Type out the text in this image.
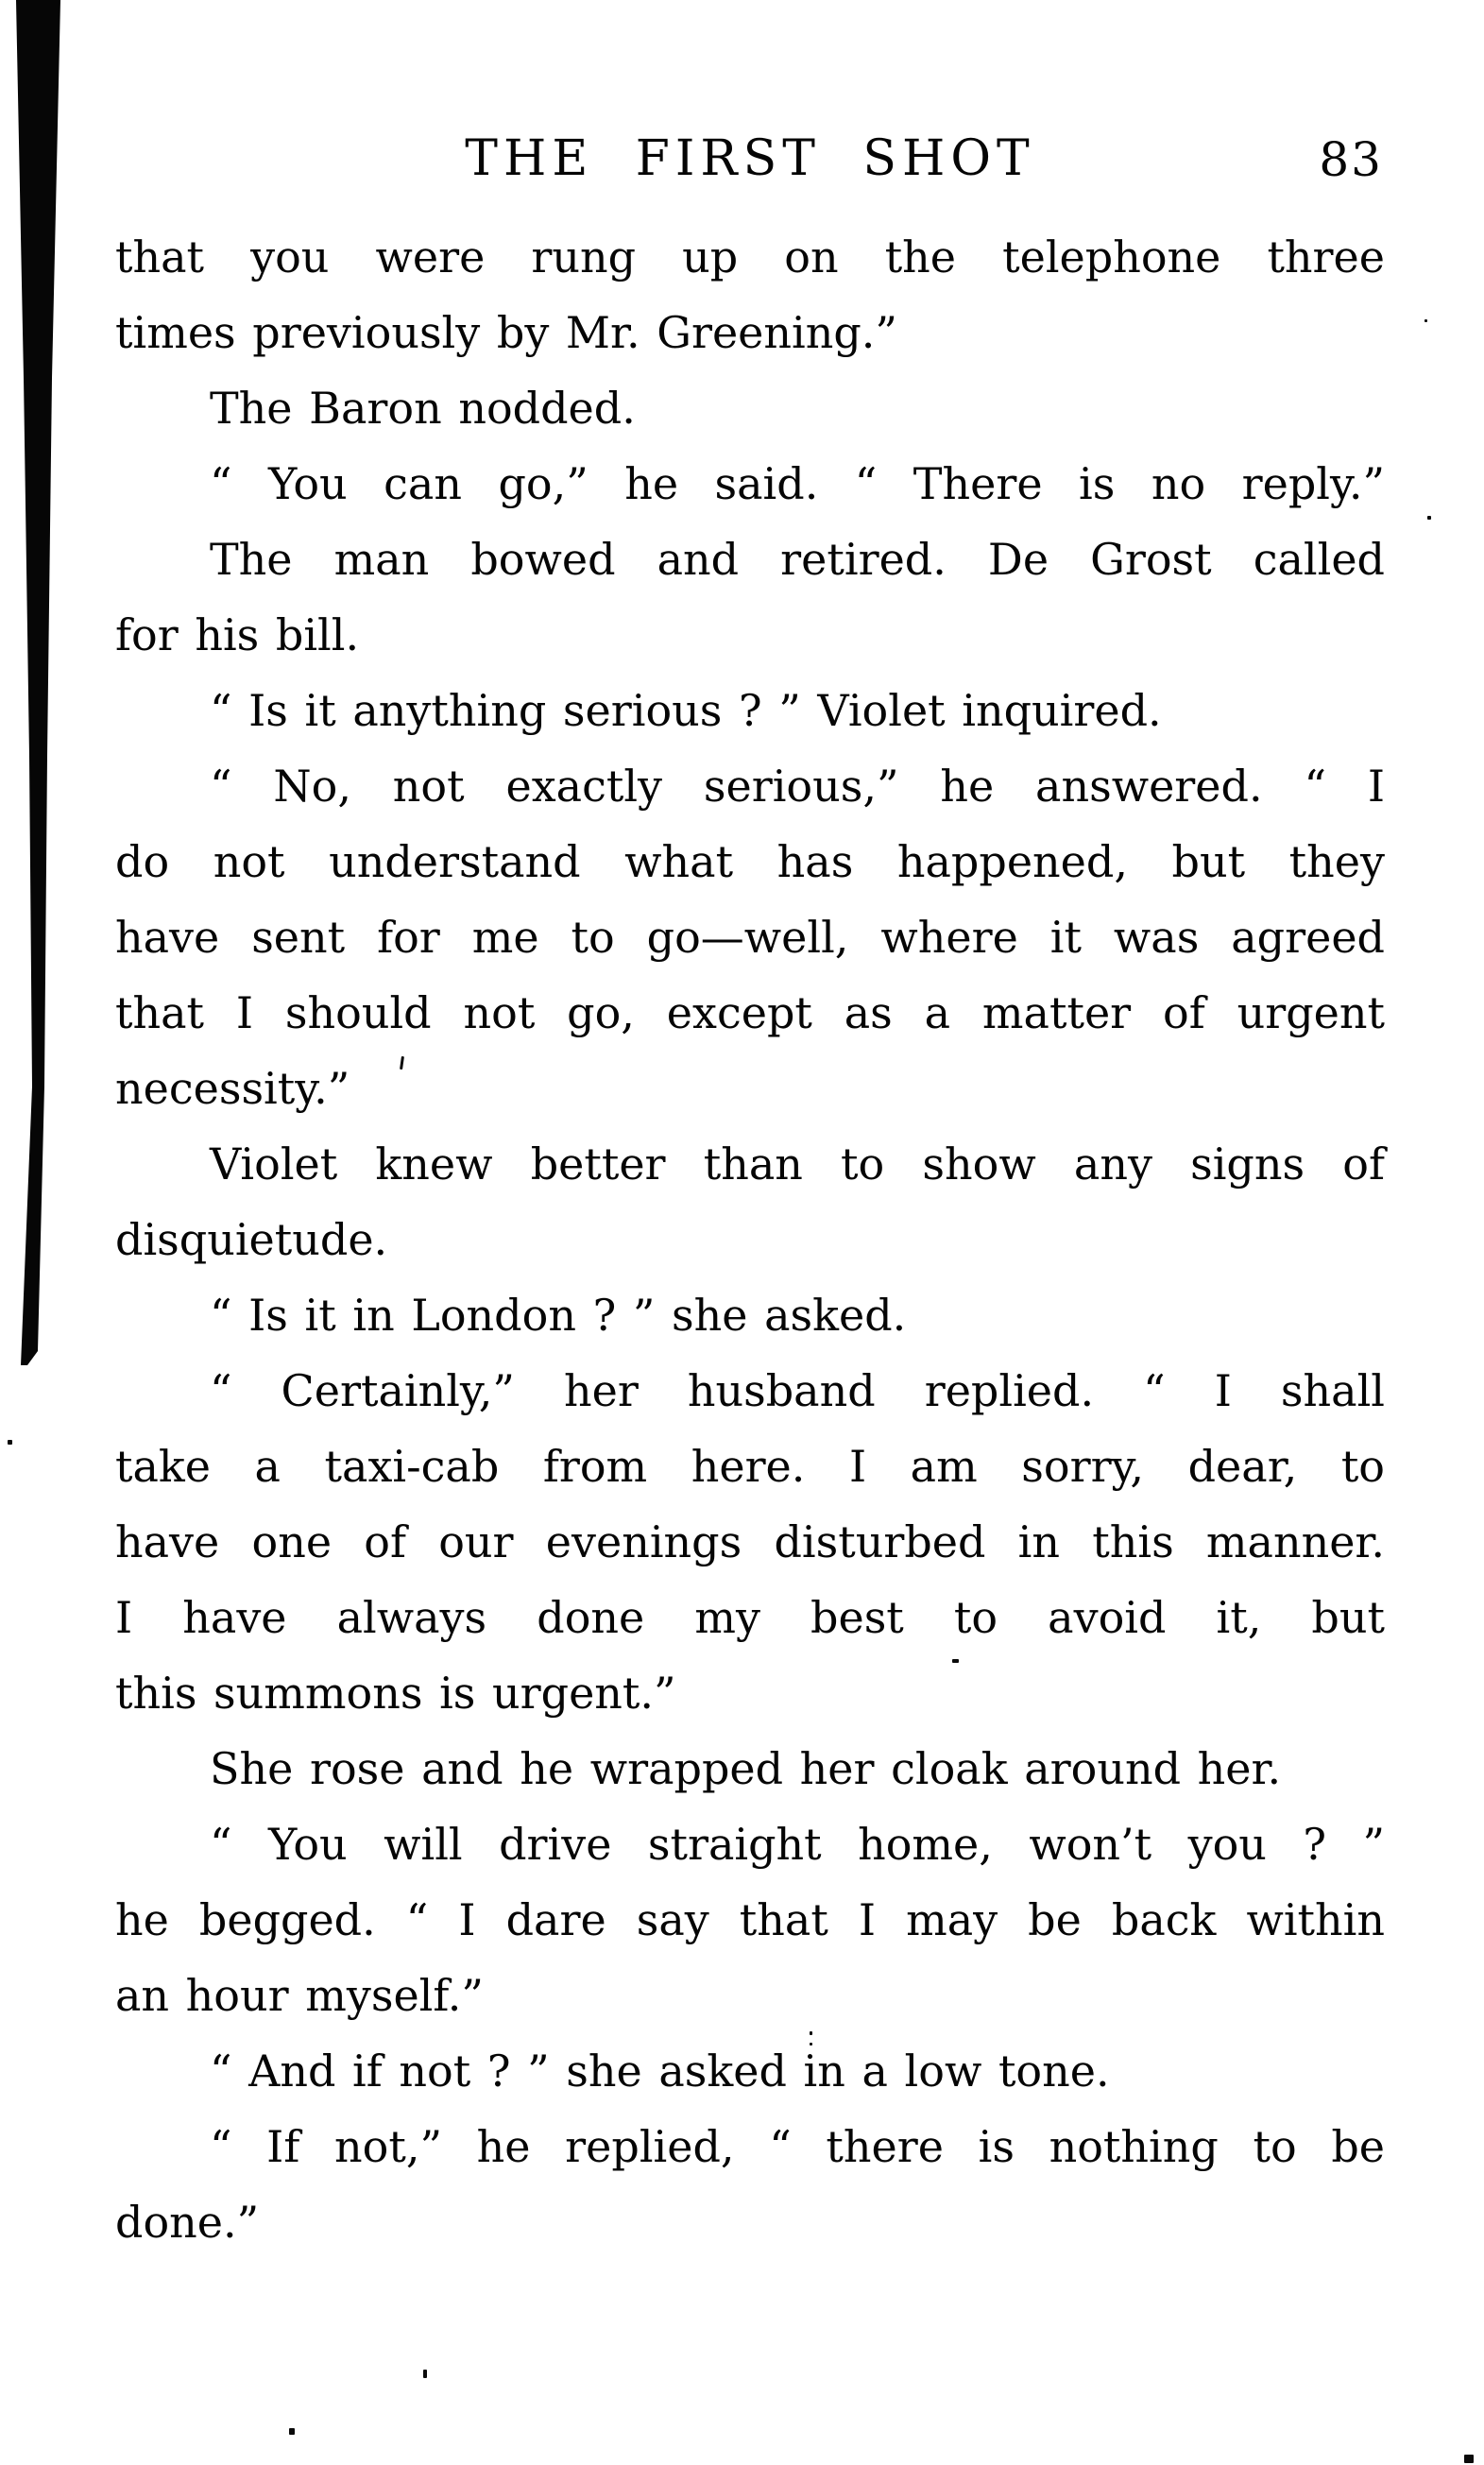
THE FIRST SHOT	83
that you were rung up on the telephone three
times previously by Mr. Greening.”
The Baron nodded.
“ You can go,” he said. “ There is no reply.”
The man bowed and retired. De Grost called
for his bill.
“ Is it anything serious ? ” Violet inquired.
“ No, not exactly serious,” he answered. “ I
do not understand what has happened, but they
have sent for me to go—well, where it was agreed
that I should not go, except as a matter of urgent
necessity.”
Violet knew better than to show any signs of
disquietude.
“ Is it in London ? ” she asked.
“ Certainly,” her husband replied. “ I shall
take a taxi-cab from here. I am sorry, dear, to
have one of our evenings disturbed in this manner.
I have always done my best to avoid it, but
this summons is urgent.”
She rose and he wrapped her cloak around her.
“ You will drive straight home, won’t you ? ”
he begged. “ I dare say that I may be back within
an hour myself.”
“ And if not ? ” she asked in a low tone.
“ If not,” he replied, “ there is nothing to be
done.”
